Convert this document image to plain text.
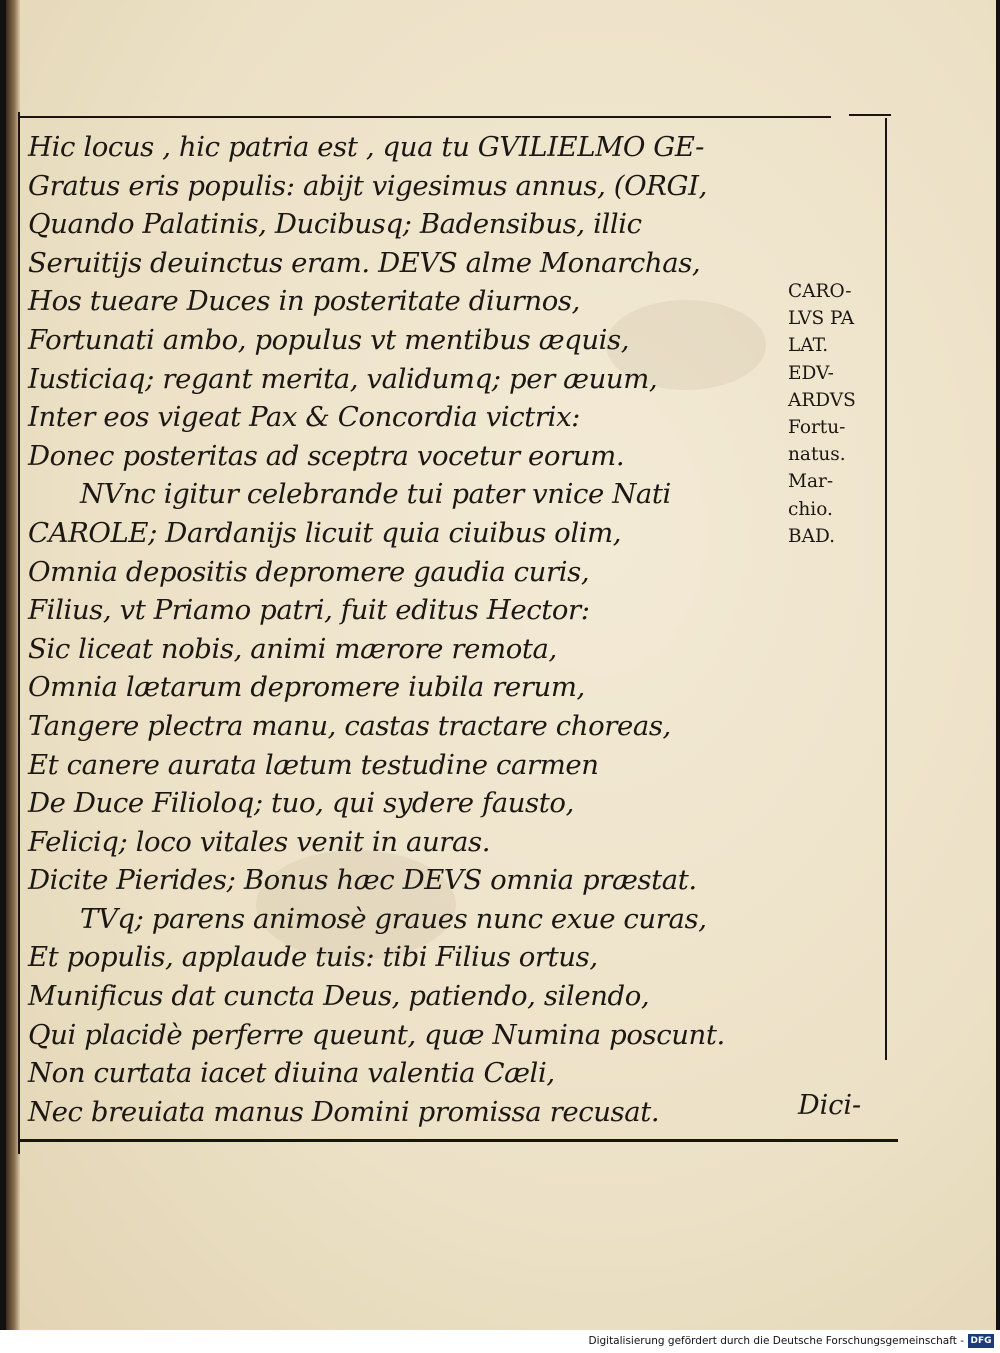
Hic locus , hic patria est , qua tu GVILIELMO GE-
Gratus eris populis: abijt vigesimus annus, (ORGI,
Quando Palatinis, Ducibusq; Badensibus, illic
Seruitijs deuinctus eram. DEVS alme Monarchas,
Hos tueare Duces in posteritate diurnos,
Fortunati ambo, populus vt mentibus æquis,
Iusticiaq; regant merita, validumq; per æuum,
Inter eos vigeat Pax & Concordia victrix:
Donec posteritas ad sceptra vocetur eorum.
NVnc igitur celebrande tui pater vnice Nati
CAROLE; Dardanijs licuit quia ciuibus olim,
Omnia depositis depromere gaudia curis,
Filius, vt Priamo patri, fuit editus Hector:
Sic liceat nobis, animi mærore remota,
Omnia lætarum depromere iubila rerum,
Tangere plectra manu, castas tractare choreas,
Et canere aurata lætum testudine carmen
De Duce Filioloq; tuo, qui sydere fausto,
Feliciq; loco vitales venit in auras.
Dicite Pierides; Bonus hæc DEVS omnia præstat.
TVq; parens animosè graues nunc exue curas,
Et populis, applaude tuis: tibi Filius ortus,
Munificus dat cuncta Deus, patiendo, silendo,
Qui placidè perferre queunt, quæ Numina poscunt.
Non curtata iacet diuina valentia Cæli,
Nec breuiata manus Domini promissa recusat.
CARO-
LVS PA
LAT.
EDV-
ARDVS
Fortu-
natus.
Mar-
chio.
BAD.
Dici-
Digitalisierung gefördert durch die Deutsche Forschungsgemeinschaft - DFG
